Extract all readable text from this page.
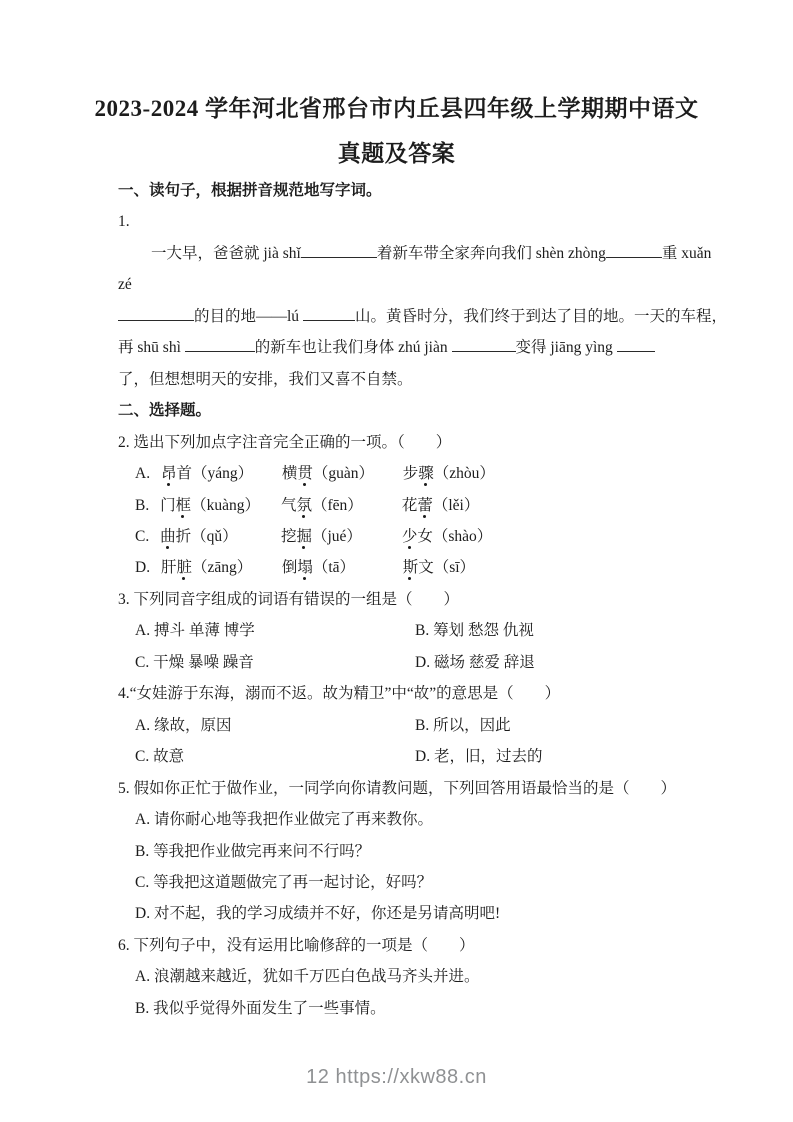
2023-2024 学年河北省邢台市内丘县四年级上学期期中语文
真题及答案
一、读句子，根据拼音规范地写字词。
1.
一大早，爸爸就 jià shǐ	着新车带全家奔向我们 shèn zhòng	重 xuǎn
zé
的目的地——lú	山。黄昏时分，我们终于到达了目的地。一天的车程，
再 shū shì	的新车也让我们身体 zhú jiàn	变得 jiāng yìng
了，但想想明天的安排，我们又喜不自禁。
二、选择题。
2. 选出下列加点字注音完全正确的一项。（　　）
A. 昂首（yáng） 横贯（guàn） 步骤（zhòu）
B. 门框（kuàng） 气氛（fēn）	花蕾（lěi）
C. 曲折（qǔ）	挖掘（jué）	少女（shào）
D. 肝脏（zāng） 倒塌（tā）	斯文（sī）
3. 下列同音字组成的词语有错误的一组是（　　）
A. 搏斗 单薄 博学	B. 筹划 愁怨 仇视
C. 干燥 暴噪 躁音	D. 磁场 慈爱 辞退
4.“女娃游于东海，溺而不返。故为精卫”中“故”的意思是（　　）
A. 缘故，原因	B. 所以，因此
C. 故意	D. 老，旧，过去的
5. 假如你正忙于做作业，一同学向你请教问题，下列回答用语最恰当的是（　　）
A. 请你耐心地等我把作业做完了再来教你。
B. 等我把作业做完再来问不行吗？
C. 等我把这道题做完了再一起讨论，好吗？
D. 对不起，我的学习成绩并不好，你还是另请高明吧!
6. 下列句子中，没有运用比喻修辞的一项是（　　）
A. 浪潮越来越近，犹如千万匹白色战马齐头并进。
B. 我似乎觉得外面发生了一些事情。
12 https://xkw88.cn
